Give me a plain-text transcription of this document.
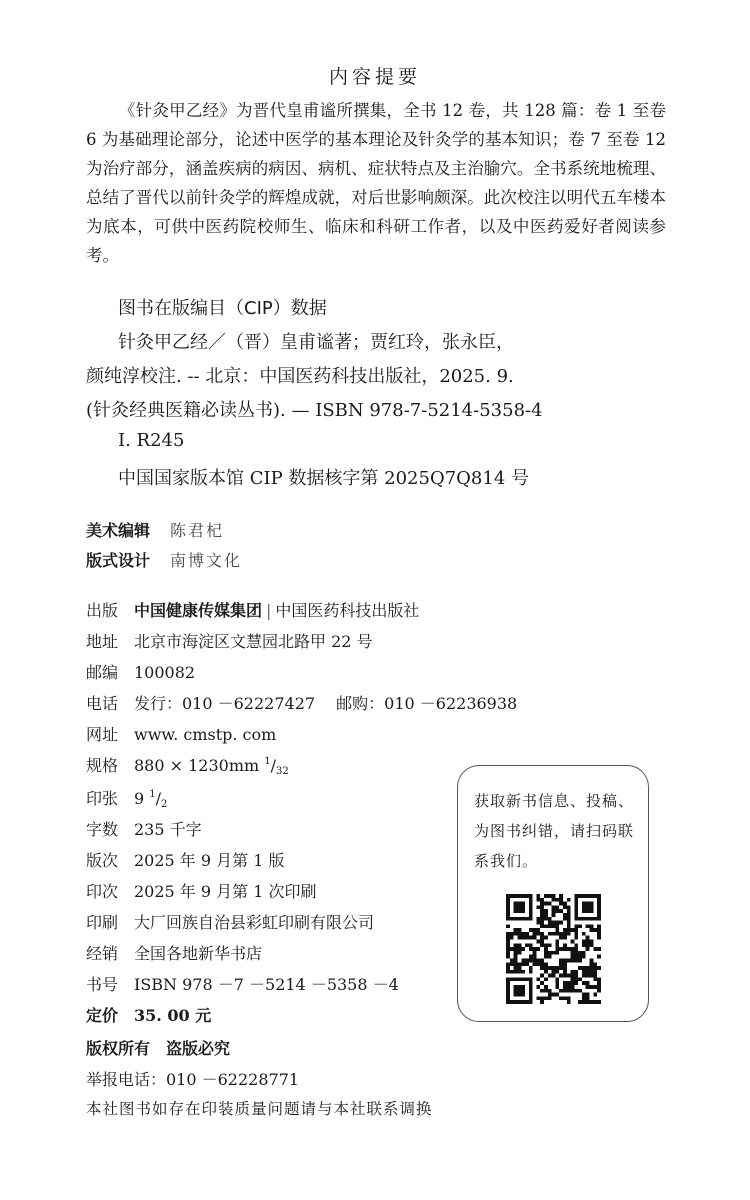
内容提要
《针灸甲乙经》为晋代皇甫谧所撰集，全书 12 卷，共 128 篇：卷 1 至卷 6 为基础理论部分，论述中医学的基本理论及针灸学的基本知识；卷 7 至卷 12 为治疗部分，涵盖疾病的病因、病机、症状特点及主治腧穴。全书系统地梳理、总结了晋代以前针灸学的辉煌成就，对后世影响颇深。此次校注以明代五车楼本为底本，可供中医药院校师生、临床和科研工作者，以及中医药爱好者阅读参考。
图书在版编目（CIP）数据
针灸甲乙经／（晋）皇甫谧著；贾红玲，张永臣，
颜纯淳校注. -- 北京：中国医药科技出版社，2025. 9.
(针灸经典医籍必读丛书). — ISBN 978-7-5214-5358-4
Ⅰ. R245
中国国家版本馆 CIP 数据核字第 2025Q7Q814 号
美术编辑 陈君杞
版式设计 南博文化
出版 中国健康传媒集团 | 中国医药科技出版社
地址 北京市海淀区文慧园北路甲 22 号
邮编 100082
电话 发行：010 －62227427　 邮购：010 －62236938
网址 www. cmstp. com
规格 880 × 1230mm $^1/_{32}$
印张 9 $^1/_2$
字数 235 千字
版次 2025 年 9 月第 1 版
印次 2025 年 9 月第 1 次印刷
印刷 大厂回族自治县彩虹印刷有限公司
经销 全国各地新华书店
书号 ISBN 978 －7 －5214 －5358 －4
定价 35. 00 元
获取新书信息、投稿、为图书纠错，请扫码联系我们。
版权所有　盗版必究
举报电话：010 －62228771
本社图书如存在印装质量问题请与本社联系调换
